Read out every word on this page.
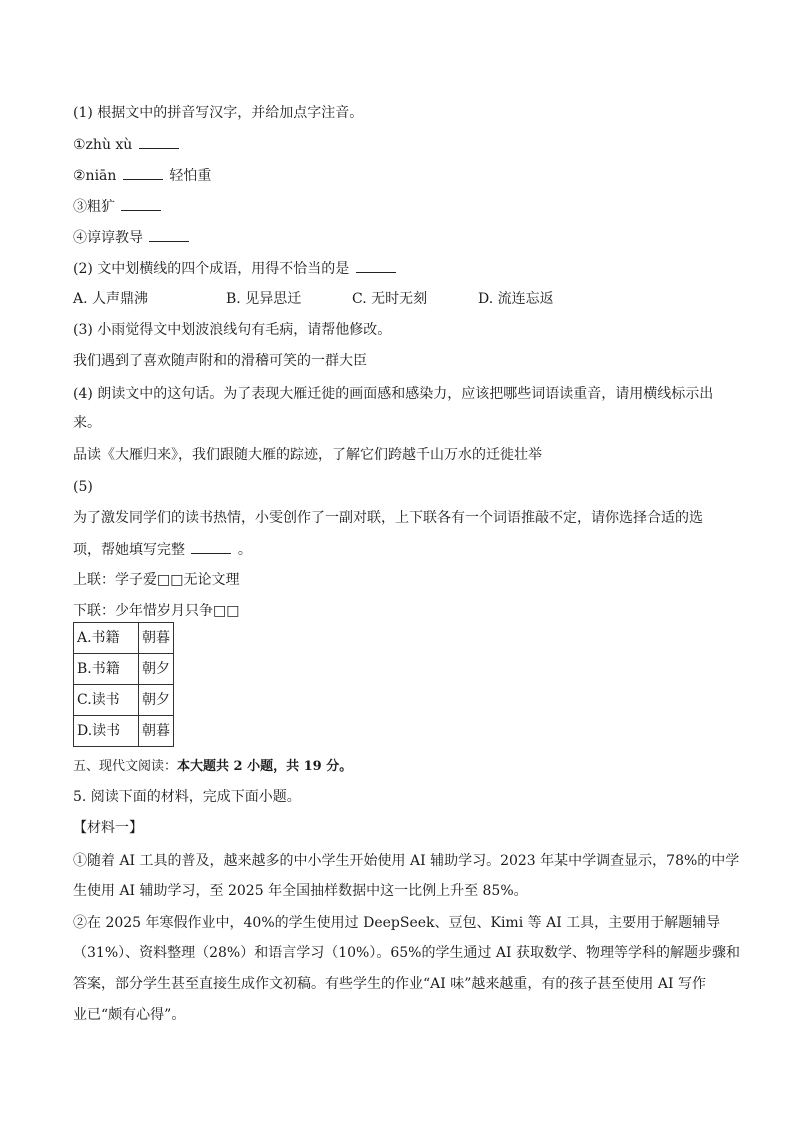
(1) 根据文中的拼音写汉字，并给加点字注音。
①zhù xù
②niān	轻怕重
③粗犷
④谆谆教导
(2) 文中划横线的四个成语，用得不恰当的是
A. 人声鼎沸	B. 见异思迁	C. 无时无刻	D. 流连忘返
(3) 小雨觉得文中划波浪线句有毛病，请帮他修改。
我们遇到了喜欢随声附和的滑稽可笑的一群大臣
(4) 朗读文中的这句话。为了表现大雁迁徙的画面感和感染力，应该把哪些词语读重音，请用横线标示出
来。
品读《大雁归来》，我们跟随大雁的踪迹，了解它们跨越千山万水的迁徙壮举
(5)
为了激发同学们的读书热情，小雯创作了一副对联，上下联各有一个词语推敲不定，请你选择合适的选
项，帮她填写完整	。
上联：学子爱□□无论文理
下联：少年惜岁月只争□□
A.书籍	朝暮
B.书籍	朝夕
C.读书	朝夕
D.读书	朝暮
五、现代文阅读：本大题共 2 小题，共 19 分。
5. 阅读下面的材料，完成下面小题。
【材料一】
①随着 AI 工具的普及，越来越多的中小学生开始使用 AI 辅助学习。2023 年某中学调查显示，78%的中学
生使用 AI 辅助学习，至 2025 年全国抽样数据中这一比例上升至 85%。
②在 2025 年寒假作业中，40%的学生使用过 DeepSeek、豆包、Kimi 等 AI 工具，主要用于解题辅导
（31%）、资料整理（28%）和语言学习（10%）。65%的学生通过 AI 获取数学、物理等学科的解题步骤和
答案，部分学生甚至直接生成作文初稿。有些学生的作业“AI 味”越来越重，有的孩子甚至使用 AI 写作
业已“颇有心得”。
